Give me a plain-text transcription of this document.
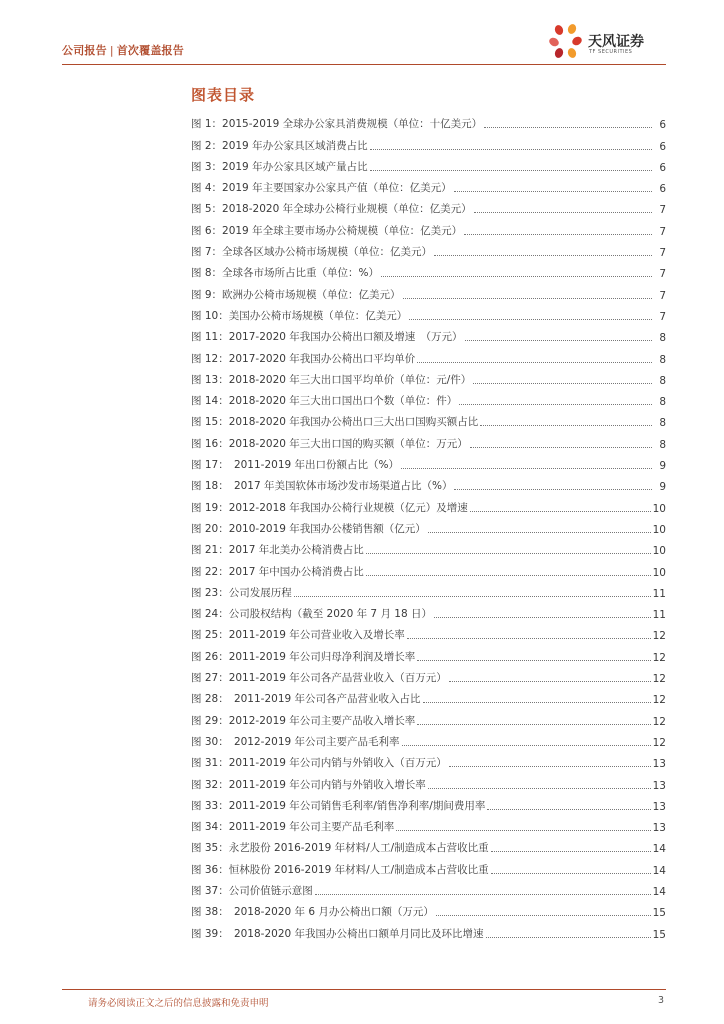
公司报告 | 首次覆盖报告
天风证券
TF SECURITIES
图表目录
图 1：2015-2019 全球办公家具消费规模（单位：十亿美元）	6
图 2：2019 年办公家具区域消费占比	6
图 3：2019 年办公家具区域产量占比	6
图 4：2019 年主要国家办公家具产值（单位：亿美元）	6
图 5：2018-2020 年全球办公椅行业规模（单位：亿美元）	7
图 6：2019 年全球主要市场办公椅规模（单位：亿美元）	7
图 7：全球各区域办公椅市场规模（单位：亿美元）	7
图 8：全球各市场所占比重（单位：%）	7
图 9：欧洲办公椅市场规模（单位：亿美元）	7
图 10：美国办公椅市场规模（单位：亿美元）	7
图 11：2017-2020 年我国办公椅出口额及增速　（万元）	8
图 12：2017-2020 年我国办公椅出口平均单价	8
图 13：2018-2020 年三大出口国平均单价（单位：元/件）	8
图 14：2018-2020 年三大出口国出口个数（单位：件）	8
图 15：2018-2020 年我国办公椅出口三大出口国购买额占比	8
图 16：2018-2020 年三大出口国的购买额（单位：万元）	8
图 17：　2011-2019 年出口份额占比（%）	9
图 18：　2017 年美国软体市场沙发市场渠道占比（%）	9
图 19：2012-2018 年我国办公椅行业规模（亿元）及增速	10
图 20：2010-2019 年我国办公楼销售额（亿元）	10
图 21：2017 年北美办公椅消费占比	10
图 22：2017 年中国办公椅消费占比	10
图 23：公司发展历程	11
图 24：公司股权结构（截至 2020 年 7 月 18 日）	11
图 25：2011-2019 年公司营业收入及增长率	12
图 26：2011-2019 年公司归母净利润及增长率	12
图 27：2011-2019 年公司各产品营业收入（百万元）	12
图 28：　2011-2019 年公司各产品营业收入占比	12
图 29：2012-2019 年公司主要产品收入增长率	12
图 30：　2012-2019 年公司主要产品毛利率	12
图 31：2011-2019 年公司内销与外销收入（百万元）	13
图 32：2011-2019 年公司内销与外销收入增长率	13
图 33：2011-2019 年公司销售毛利率/销售净利率/期间费用率	13
图 34：2011-2019 年公司主要产品毛利率	13
图 35：永艺股份 2016-2019 年材料/人工/制造成本占营收比重	14
图 36：恒林股份 2016-2019 年材料/人工/制造成本占营收比重	14
图 37：公司价值链示意图	14
图 38：　2018-2020 年 6 月办公椅出口额（万元）	15
图 39：　2018-2020 年我国办公椅出口额单月同比及环比增速	15
请务必阅读正文之后的信息披露和免责申明	3
